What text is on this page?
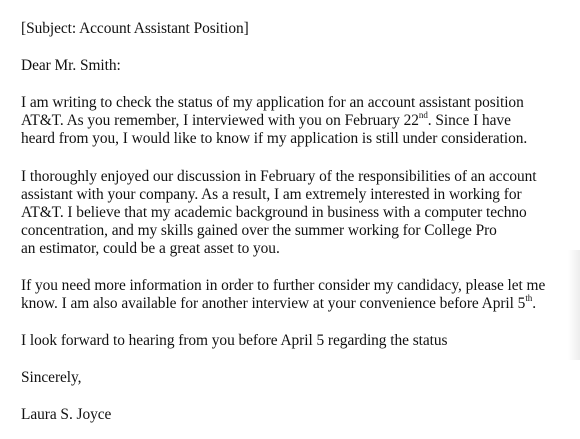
[Subject: Account Assistant Position]
Dear Mr. Smith:
I am writing to check the status of my application for an account assistant position
AT&T. As you remember, I interviewed with you on February 22nd. Since I have
heard from you, I would like to know if my application is still under consideration.
I thoroughly enjoyed our discussion in February of the responsibilities of an account
assistant with your company. As a result, I am extremely interested in working for
AT&T. I believe that my academic background in business with a computer techno
concentration, and my skills gained over the summer working for College Pro
an estimator, could be a great asset to you.
If you need more information in order to further consider my candidacy, please let me
know. I am also available for another interview at your convenience before April 5th.
I look forward to hearing from you before April 5 regarding the status
Sincerely,
Laura S. Joyce
